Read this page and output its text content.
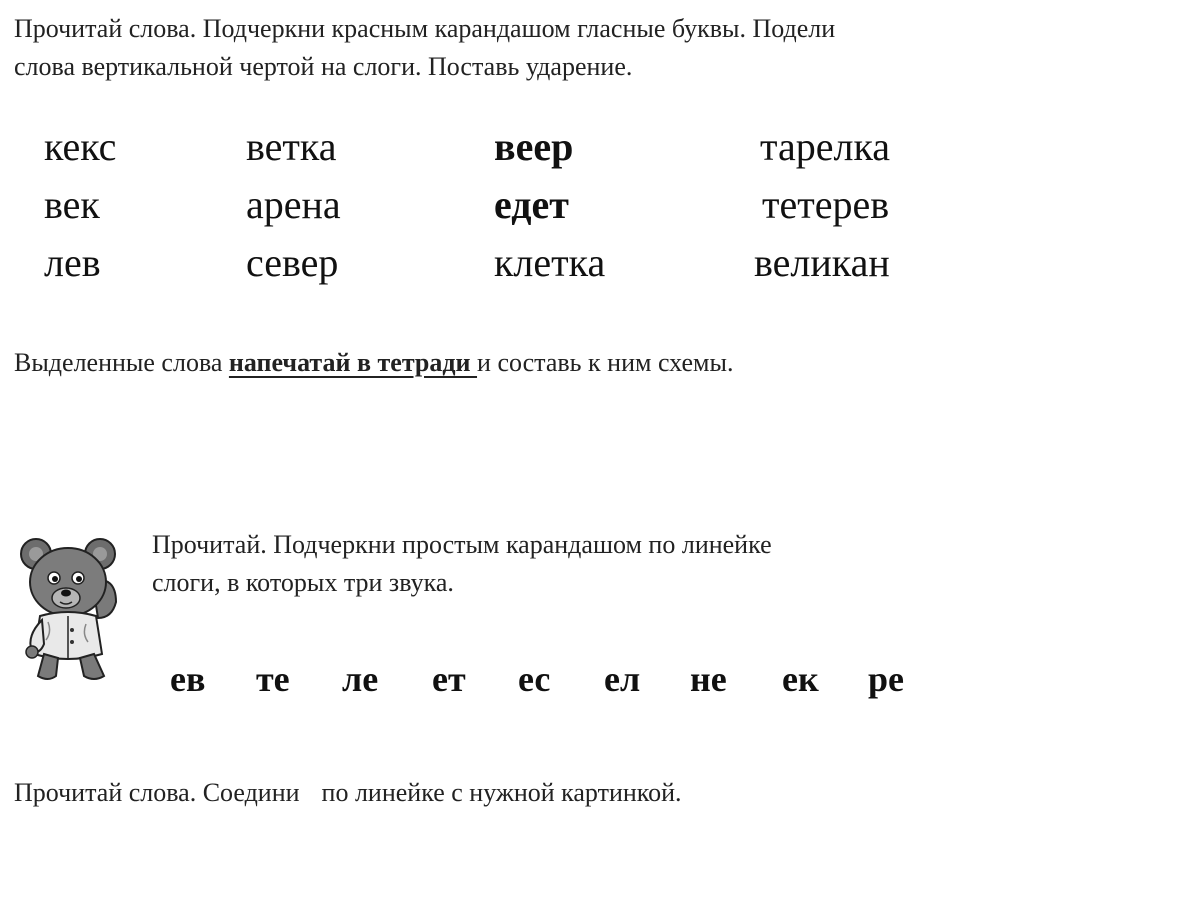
Прочитай слова. Подчеркни красным карандашом гласные буквы. Подели
слова вертикальной чертой на слоги. Поставь ударение.
кекс
век
лев
ветка
арена
север
веер
едет
клетка
тарелка
тетерев
великан
Выделенные слова напечатай в тетради и составь к ним схемы.
Прочитай. Подчеркни простым карандашом по линейке
слоги, в которых три звука.
ев те ле ет ес ел не ек ре
Прочитай слова. Соедини по линейке с нужной картинкой.
